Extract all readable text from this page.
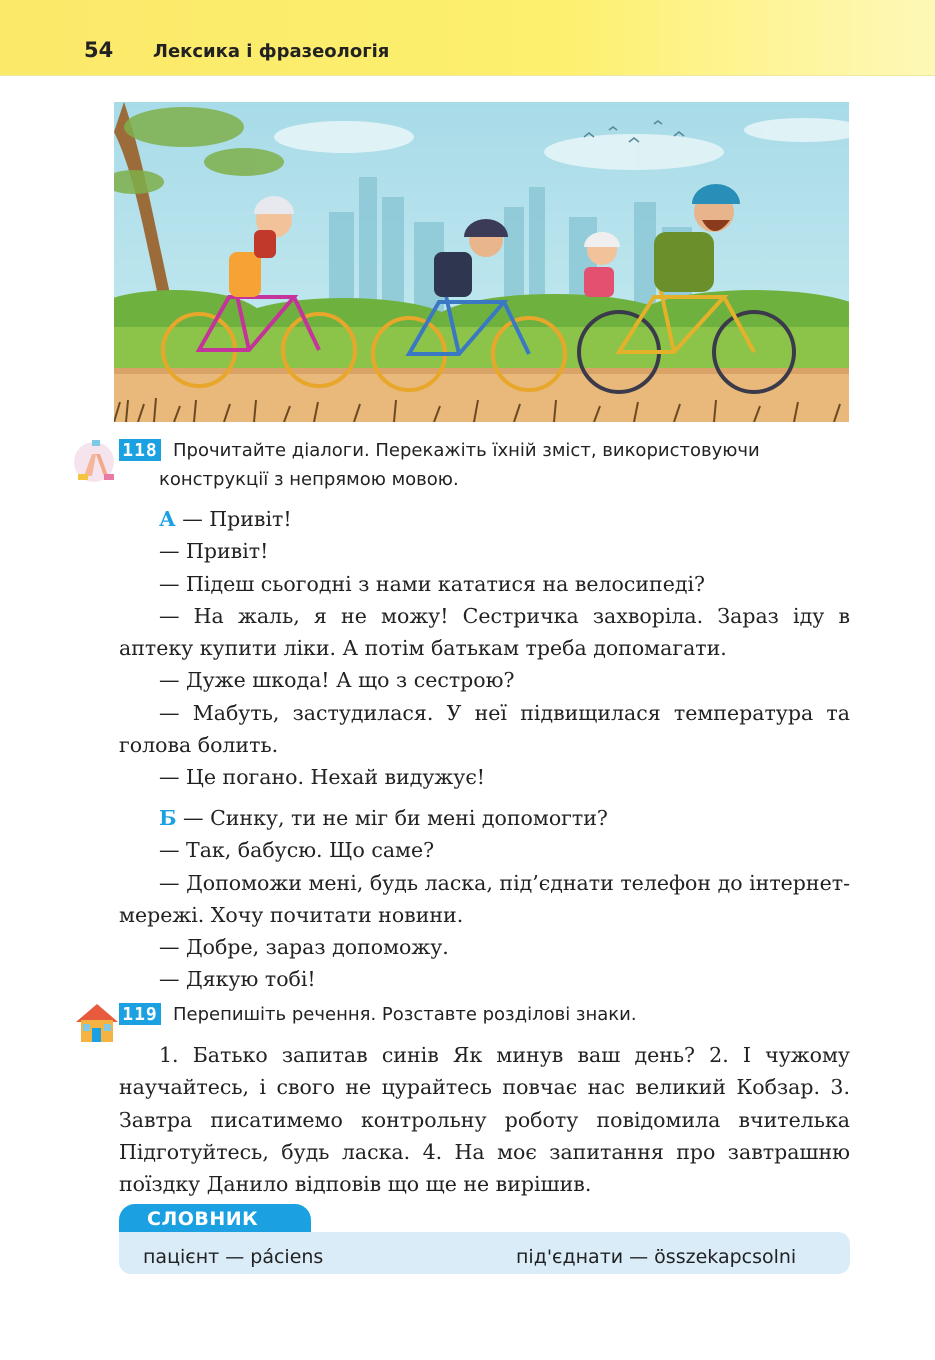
54 Лексика і фразеологія
118 Прочитайте діалоги. Перекажіть їхній зміст, використовуючи

конструкції з непрямою мовою.

А — Привіт!

— Привіт!

— Підеш сьогодні з нами кататися на велосипеді?

— На жаль, я не можу! Сестричка захворіла. Зараз іду в аптеку купити ліки. А потім батькам треба допомагати.

— Дуже шкода! А що з сестрою?

— Мабуть, застудилася. У неї підвищилася температура та голова болить.

— Це погано. Нехай видужує!

Б — Синку, ти не міг би мені допомогти?

— Так, бабусю. Що саме?

— Допоможи мені, будь ласка, під’єднати телефон до інтернет-мережі. Хочу почитати новини.

— Добре, зараз допоможу.

— Дякую тобі!

119 Перепишіть речення. Розставте розділові знаки.

1. Батько запитав синів Як минув ваш день? 2. І чужому научайтесь, і свого не цурайтесь повчає нас великий Кобзар. 3. Завтра писатимемо контрольну роботу повідомила вчителька Підготуйтесь, будь ласка. 4. На моє запитання про завтрашню поїздку Данило відповів що ще не вирішив.

СЛОВНИК
пацієнт — páciens	під'єднати — összekapcsolni
